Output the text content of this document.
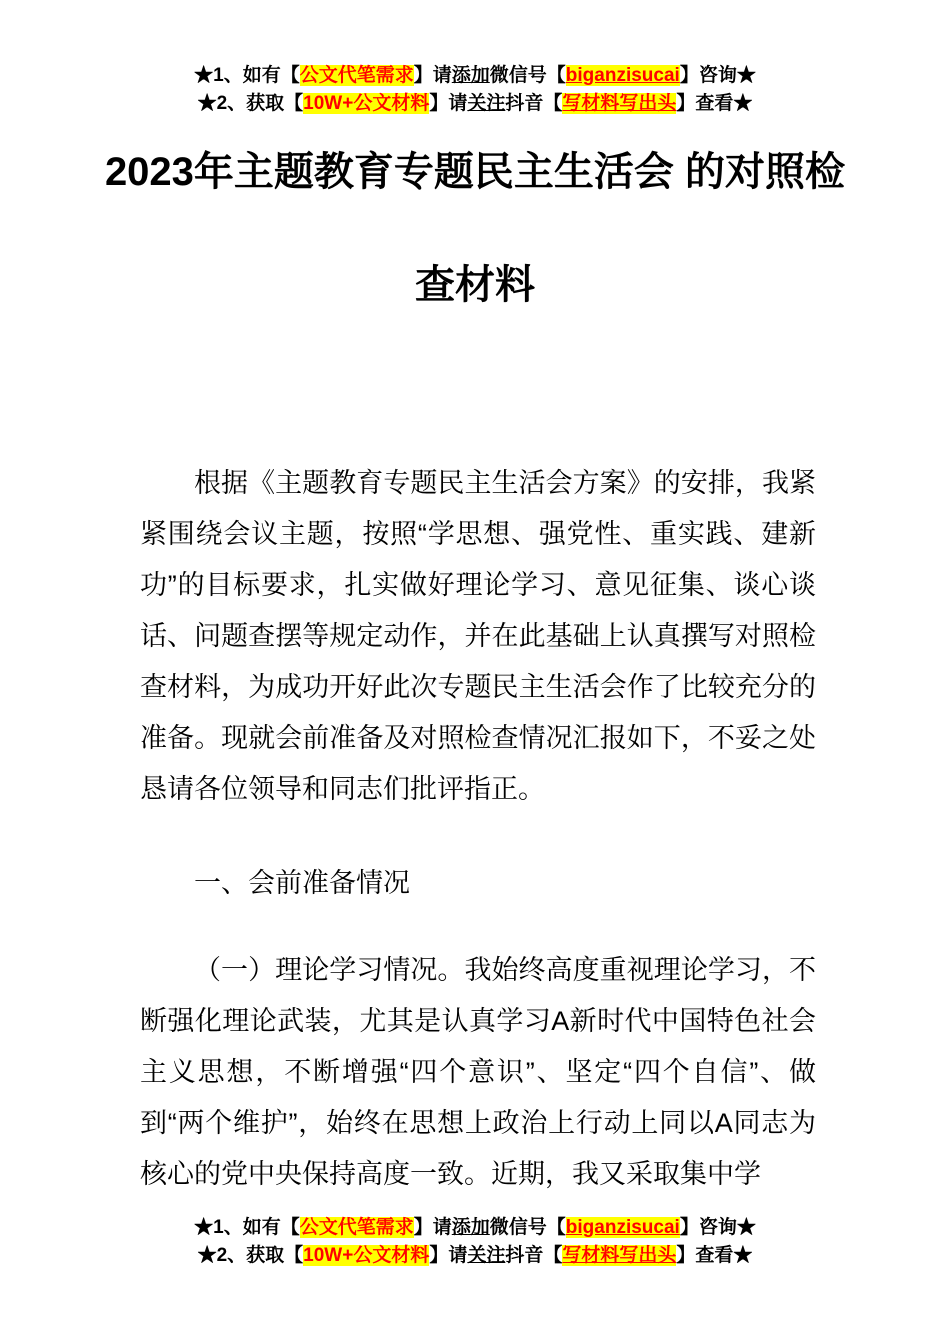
★1、如有【公文代笔需求】请添加微信号【biganzisucai】咨询★
★2、获取【10W+公文材料】请关注抖音【写材料写出头】查看★
2023年主题教育专题民主生活会 的对照检
查材料

根据《主题教育专题民主生活会方案》的安排，我紧紧围绕会议主题，按照“学思想、强党性、重实践、建新功”的目标要求，扎实做好理论学习、意见征集、谈心谈话、问题查摆等规定动作，并在此基础上认真撰写对照检查材料，为成功开好此次专题民主生活会作了比较充分的准备。现就会前准备及对照检查情况汇报如下，不妥之处恳请各位领导和同志们批评指正。

一、会前准备情况

（一）理论学习情况。我始终高度重视理论学习，不断强化理论武装，尤其是认真学习A新时代中国特色社会主义思想，不断增强“四个意识”、坚定“四个自信”、做到“两个维护”，始终在思想上政治上行动上同以A同志为核心的党中央保持高度一致。近期，我又采取集中学

★1、如有【公文代笔需求】请添加微信号【biganzisucai】咨询★
★2、获取【10W+公文材料】请关注抖音【写材料写出头】查看★
